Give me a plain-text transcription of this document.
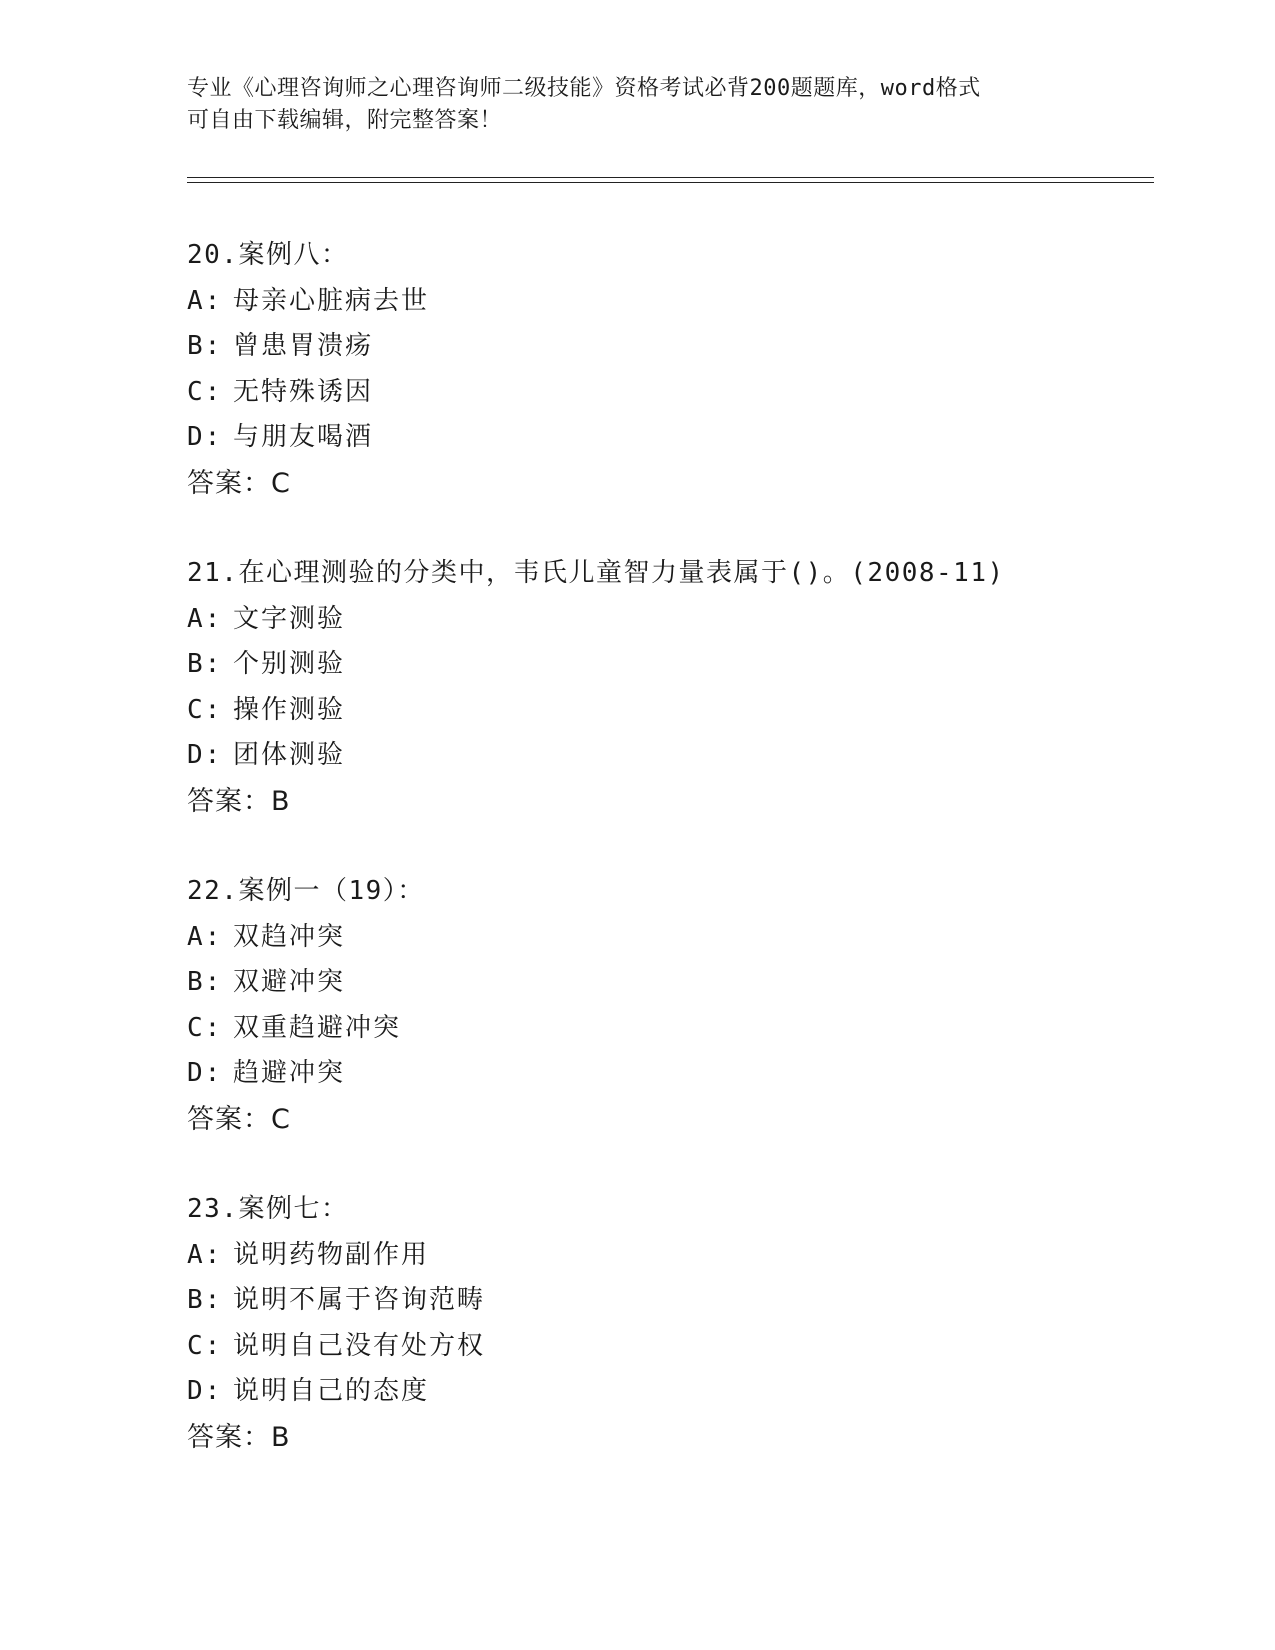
专业《心理咨询师之心理咨询师二级技能》资格考试必背200题题库，word格式
可自由下载编辑，附完整答案！
20.案例八：
A: 母亲心脏病去世
B: 曾患胃溃疡
C: 无特殊诱因
D: 与朋友喝酒
答案：C
21.在心理测验的分类中，韦氏儿童智力量表属于()。(2008-11)
A: 文字测验
B: 个别测验
C: 操作测验
D: 团体测验
答案：B
22.案例一（19）：
A: 双趋冲突
B: 双避冲突
C: 双重趋避冲突
D: 趋避冲突
答案：C
23.案例七：
A: 说明药物副作用
B: 说明不属于咨询范畴
C: 说明自己没有处方权
D: 说明自己的态度
答案：B
